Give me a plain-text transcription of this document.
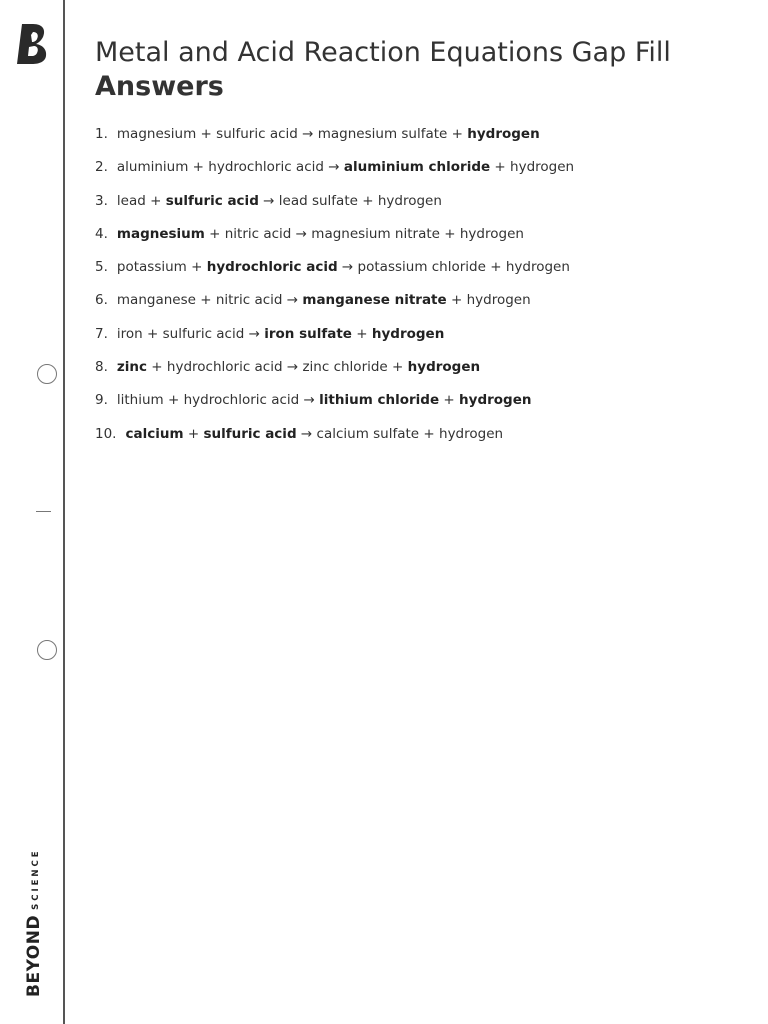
BEYONDSCIENCE
Metal and Acid Reaction Equations Gap Fill
Answers
1. magnesium + sulfuric acid → magnesium sulfate + hydrogen
2. aluminium + hydrochloric acid → aluminium chloride + hydrogen
3. lead + sulfuric acid → lead sulfate + hydrogen
4. magnesium + nitric acid → magnesium nitrate + hydrogen
5. potassium + hydrochloric acid → potassium chloride + hydrogen
6. manganese + nitric acid → manganese nitrate + hydrogen
7. iron + sulfuric acid → iron sulfate + hydrogen
8. zinc + hydrochloric acid → zinc chloride + hydrogen
9. lithium + hydrochloric acid → lithium chloride + hydrogen
10. calcium + sulfuric acid → calcium sulfate + hydrogen
